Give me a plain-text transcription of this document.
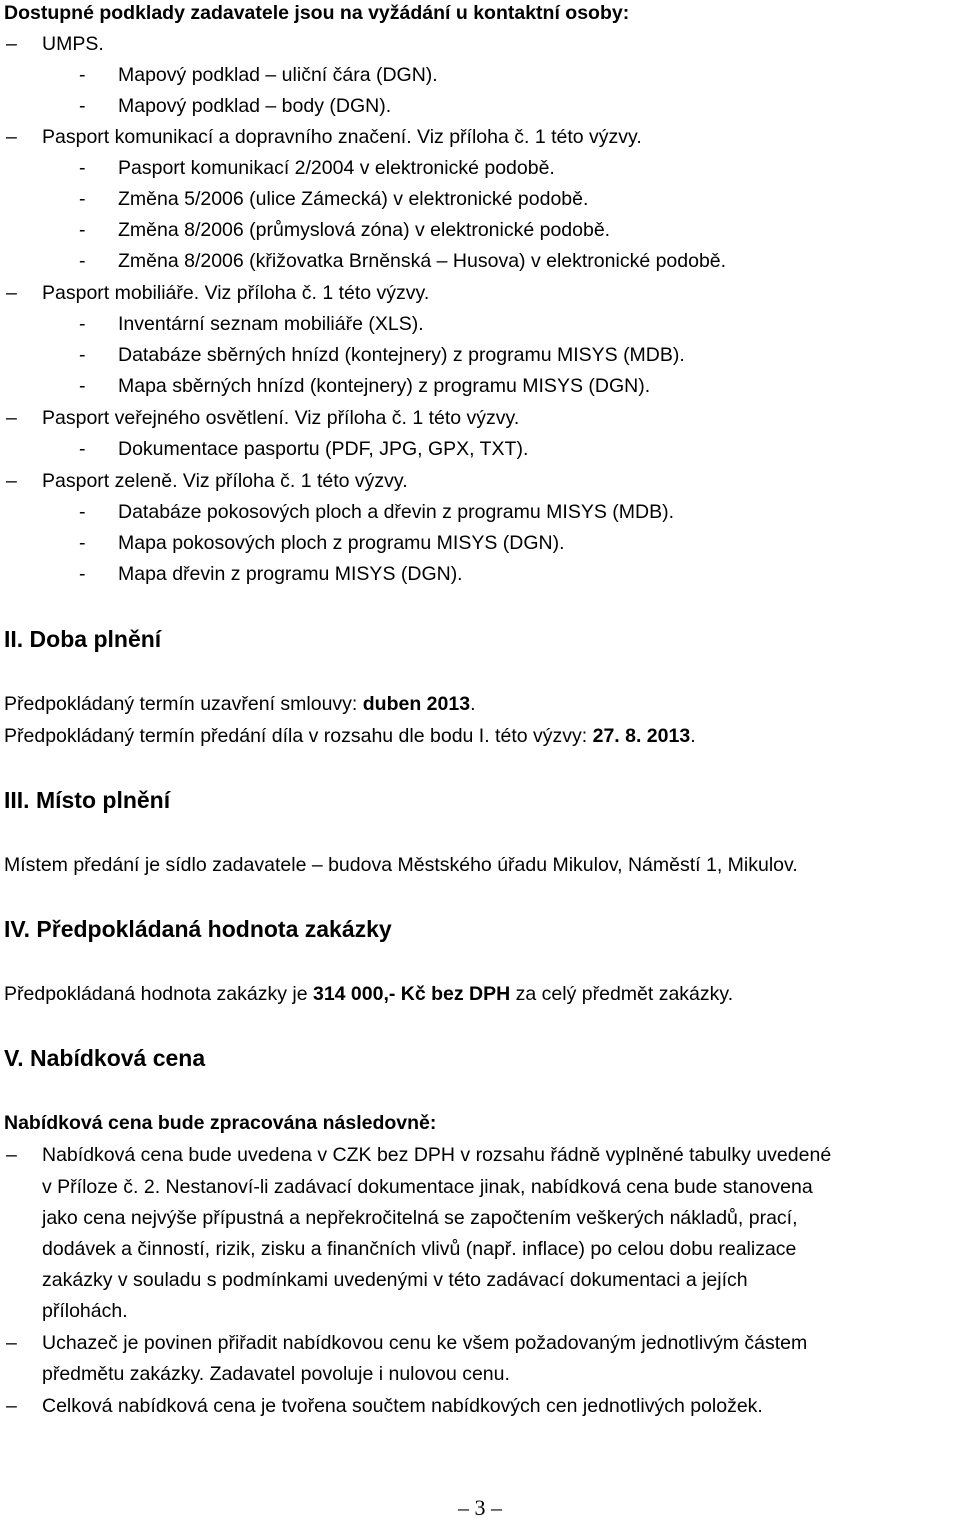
Dostupné podklady zadavatele jsou na vyžádání u kontaktní osoby:
–	UMPS.
- Mapový podklad – uliční čára (DGN).
- Mapový podklad – body (DGN).
–	Pasport komunikací a dopravního značení. Viz příloha č. 1 této výzvy.
- Pasport komunikací 2/2004 v elektronické podobě.
- Změna 5/2006 (ulice Zámecká) v elektronické podobě.
- Změna 8/2006 (průmyslová zóna) v elektronické podobě.
- Změna 8/2006 (křižovatka Brněnská – Husova) v elektronické podobě.
–	Pasport mobiliáře. Viz příloha č. 1 této výzvy.
- Inventární seznam mobiliáře (XLS).
- Databáze sběrných hnízd (kontejnery) z programu MISYS (MDB).
- Mapa sběrných hnízd (kontejnery) z programu MISYS (DGN).
–	Pasport veřejného osvětlení. Viz příloha č. 1 této výzvy.
- Dokumentace pasportu (PDF, JPG, GPX, TXT).
–	Pasport zeleně. Viz příloha č. 1 této výzvy.
- Databáze pokosových ploch a dřevin z programu MISYS (MDB).
- Mapa pokosových ploch z programu MISYS (DGN).
- Mapa dřevin z programu MISYS (DGN).
II. Doba plnění
Předpokládaný termín uzavření smlouvy: duben 2013.
Předpokládaný termín předání díla v rozsahu dle bodu I. této výzvy: 27. 8. 2013.
III. Místo plnění
Místem předání je sídlo zadavatele – budova Městského úřadu Mikulov, Náměstí 1, Mikulov.
IV. Předpokládaná hodnota zakázky
Předpokládaná hodnota zakázky je 314 000,- Kč bez DPH za celý předmět zakázky.
V. Nabídková cena
Nabídková cena bude zpracována následovně:
–	Nabídková cena bude uvedena v CZK bez DPH v rozsahu řádně vyplněné tabulky uvedené
v Příloze č. 2. Nestanoví-li zadávací dokumentace jinak, nabídková cena bude stanovena
jako cena nejvýše přípustná a nepřekročitelná se započtením veškerých nákladů, prací,
dodávek a činností, rizik, zisku a finančních vlivů (např. inflace) po celou dobu realizace
zakázky v souladu s podmínkami uvedenými v této zadávací dokumentaci a jejích
přílohách.
–	Uchazeč je povinen přiřadit nabídkovou cenu ke všem požadovaným jednotlivým částem
předmětu zakázky. Zadavatel povoluje i nulovou cenu.
–	Celková nabídková cena je tvořena součtem nabídkových cen jednotlivých položek.
– 3 –
